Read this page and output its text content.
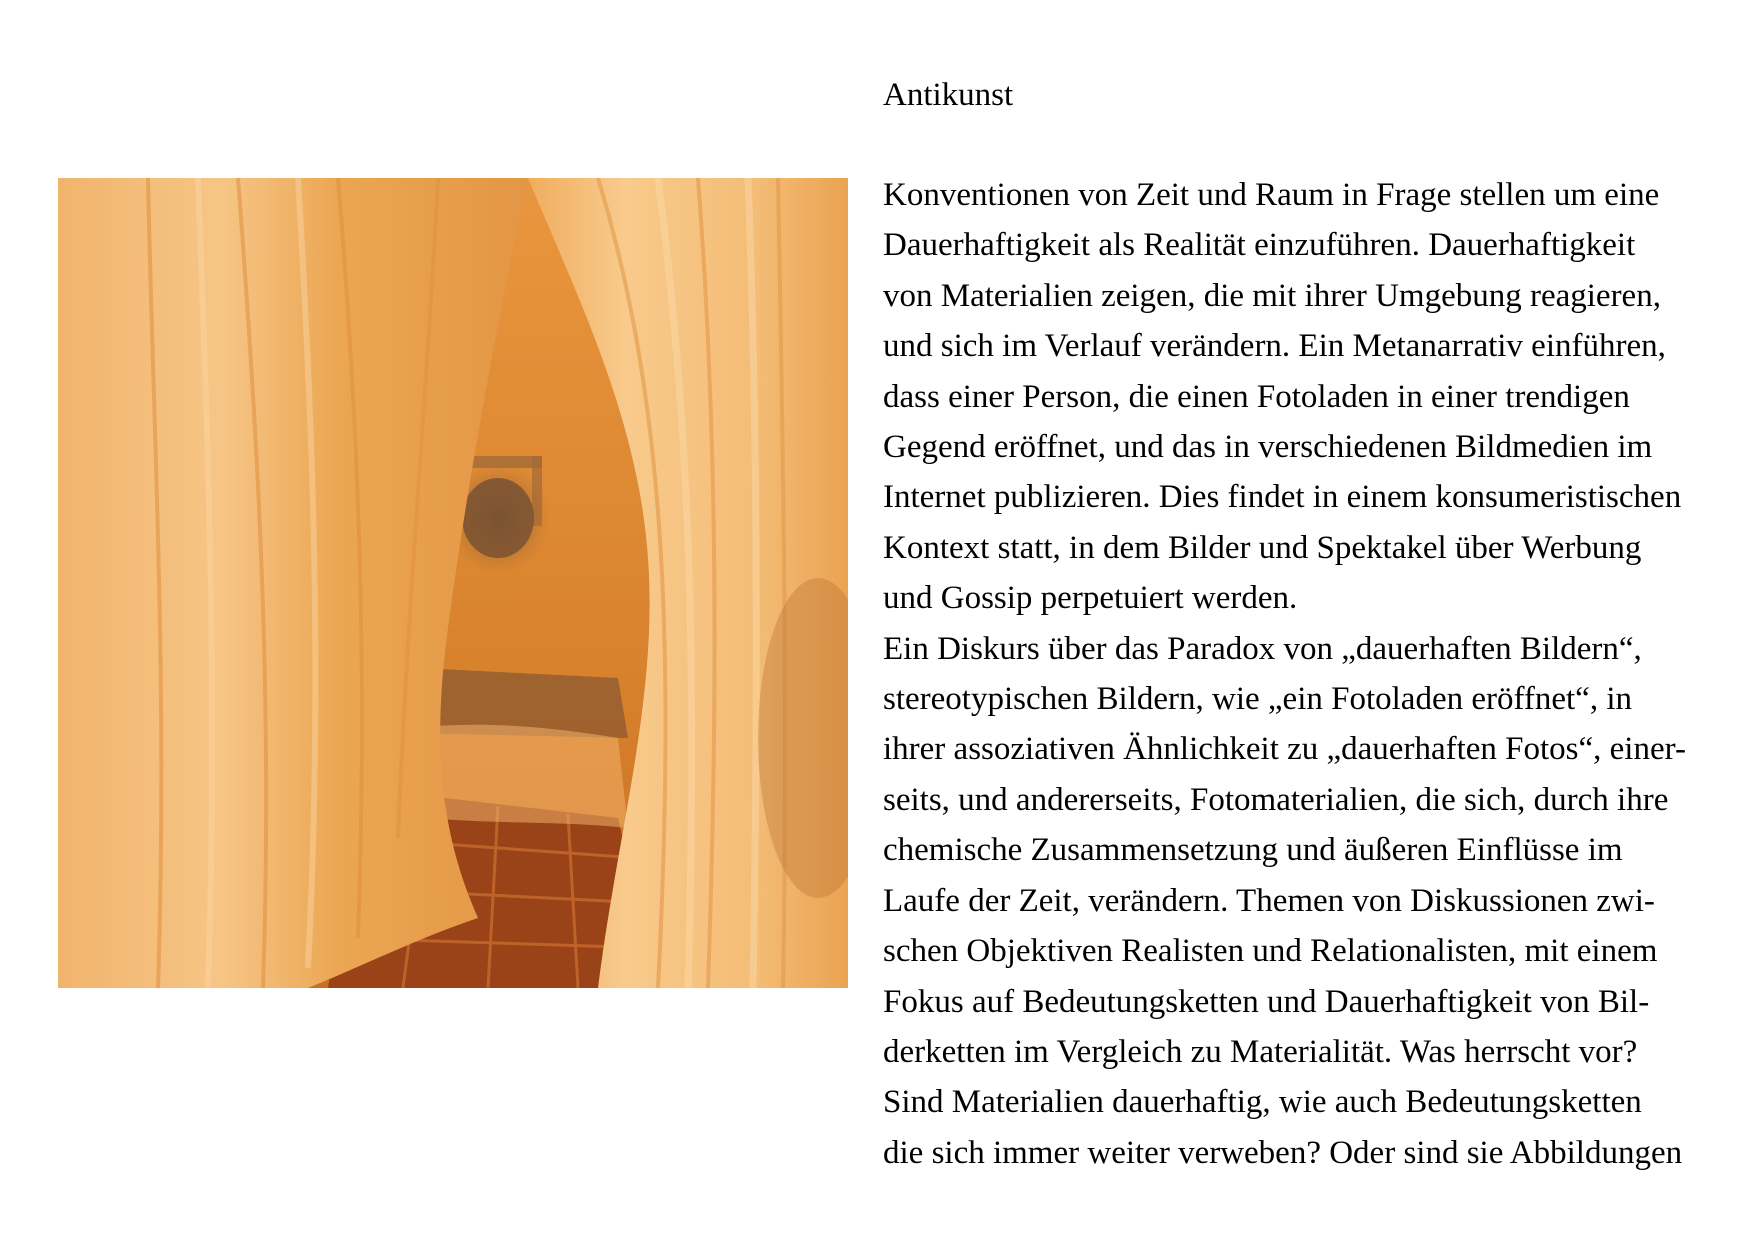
Antikunst
Konventionen von Zeit und Raum in Frage stellen um eine
Dauerhaftigkeit als Realität einzuführen. Dauerhaftigkeit
von Materialien zeigen, die mit ihrer Umgebung reagieren,
und sich im Verlauf verändern. Ein Metanarrativ einführen,
dass einer Person, die einen Fotoladen in einer trendigen
Gegend eröffnet, und das in verschiedenen Bildmedien im
Internet publizieren. Dies findet in einem konsumeristischen
Kontext statt, in dem Bilder und Spektakel über Werbung
und Gossip perpetuiert werden.
Ein Diskurs über das Paradox von „dauerhaften Bildern“,
stereotypischen Bildern, wie „ein Fotoladen eröffnet“, in
ihrer assoziativen Ähnlichkeit zu „dauerhaften Fotos“, einer-
seits, und andererseits, Fotomaterialien, die sich, durch ihre
chemische Zusammensetzung und äußeren Einflüsse im
Laufe der Zeit, verändern. Themen von Diskussionen zwi-
schen Objektiven Realisten und Relationalisten, mit einem
Fokus auf Bedeutungsketten und Dauerhaftigkeit von Bil-
derketten im Vergleich zu Materialität. Was herrscht vor?
Sind Materialien dauerhaftig, wie auch Bedeutungsketten
die sich immer weiter verweben? Oder sind sie Abbildungen
